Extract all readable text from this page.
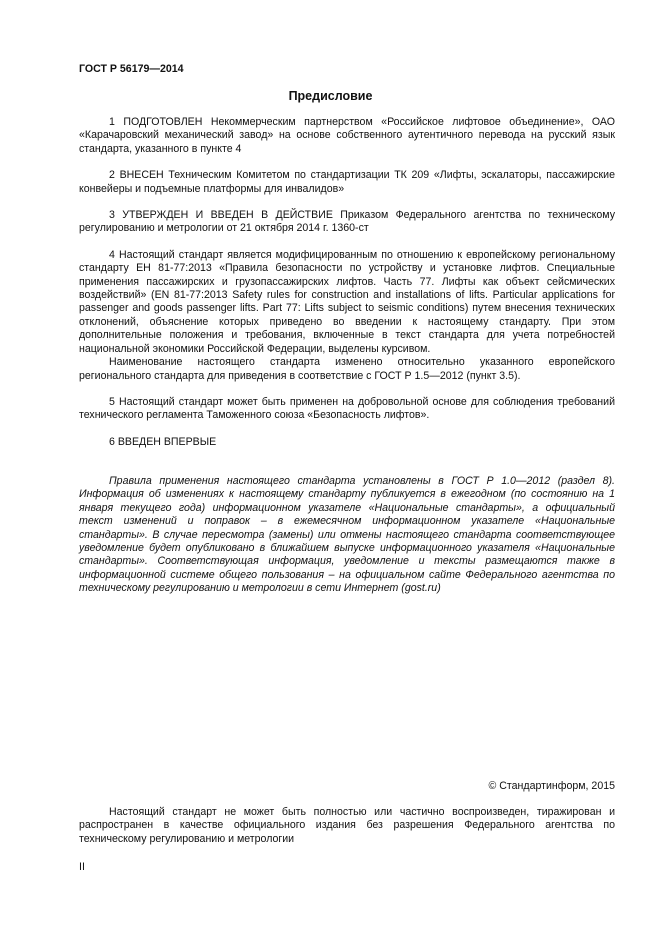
ГОСТ Р 56179—2014
Предисловие

1 ПОДГОТОВЛЕН Некоммерческим партнерством «Российское лифтовое объединение», ОАО «Карачаровский механический завод» на основе собственного аутентичного перевода на русский язык стандарта, указанного в пункте 4

2 ВНЕСЕН Техническим Комитетом по стандартизации ТК 209 «Лифты, эскалаторы, пассажирские конвейеры и подъемные платформы для инвалидов»

3 УТВЕРЖДЕН И ВВЕДЕН В ДЕЙСТВИЕ Приказом Федерального агентства по техническому регулированию и метрологии от 21 октября 2014 г. 1360-ст

4 Настоящий стандарт является модифицированным по отношению к европейскому региональному стандарту ЕН 81-77:2013 «Правила безопасности по устройству и установке лифтов. Специальные применения пассажирских и грузопассажирских лифтов. Часть 77. Лифты как объект сейсмических воздействий» (EN 81-77:2013 Safety rules for construction and installations of lifts. Particular applications for passenger and goods passenger lifts. Part 77: Lifts subject to seismic conditions) путем внесения технических отклонений, объяснение которых приведено во введении к настоящему стандарту. При этом дополнительные положения и требования, включенные в текст стандарта для учета потребностей национальной экономики Российской Федерации, выделены курсивом.

Наименование настоящего стандарта изменено относительно указанного европейского регионального стандарта для приведения в соответствие с ГОСТ Р 1.5—2012 (пункт 3.5).

5 Настоящий стандарт может быть применен на добровольной основе для соблюдения требований технического регламента Таможенного союза «Безопасность лифтов».

6 ВВЕДЕН ВПЕРВЫЕ

Правила применения настоящего стандарта установлены в ГОСТ Р 1.0—2012 (раздел 8). Информация об изменениях к настоящему стандарту публикуется в ежегодном (по состоянию на 1 января текущего года) информационном указателе «Национальные стандарты», а официальный текст изменений и поправок – в ежемесячном информационном указателе «Национальные стандарты». В случае пересмотра (замены) или отмены настоящего стандарта соответствующее уведомление будет опубликовано в ближайшем выпуске информационного указателя «Национальные стандарты». Соответствующая информация, уведомление и тексты размещаются также в информационной системе общего пользования – на официальном сайте Федерального агентства по техническому регулированию и метрологии в сети Интернет (gost.ru)

© Стандартинформ, 2015

Настоящий стандарт не может быть полностью или частично воспроизведен, тиражирован и распространен в качестве официального издания без разрешения Федерального агентства по техническому регулированию и метрологии

II
